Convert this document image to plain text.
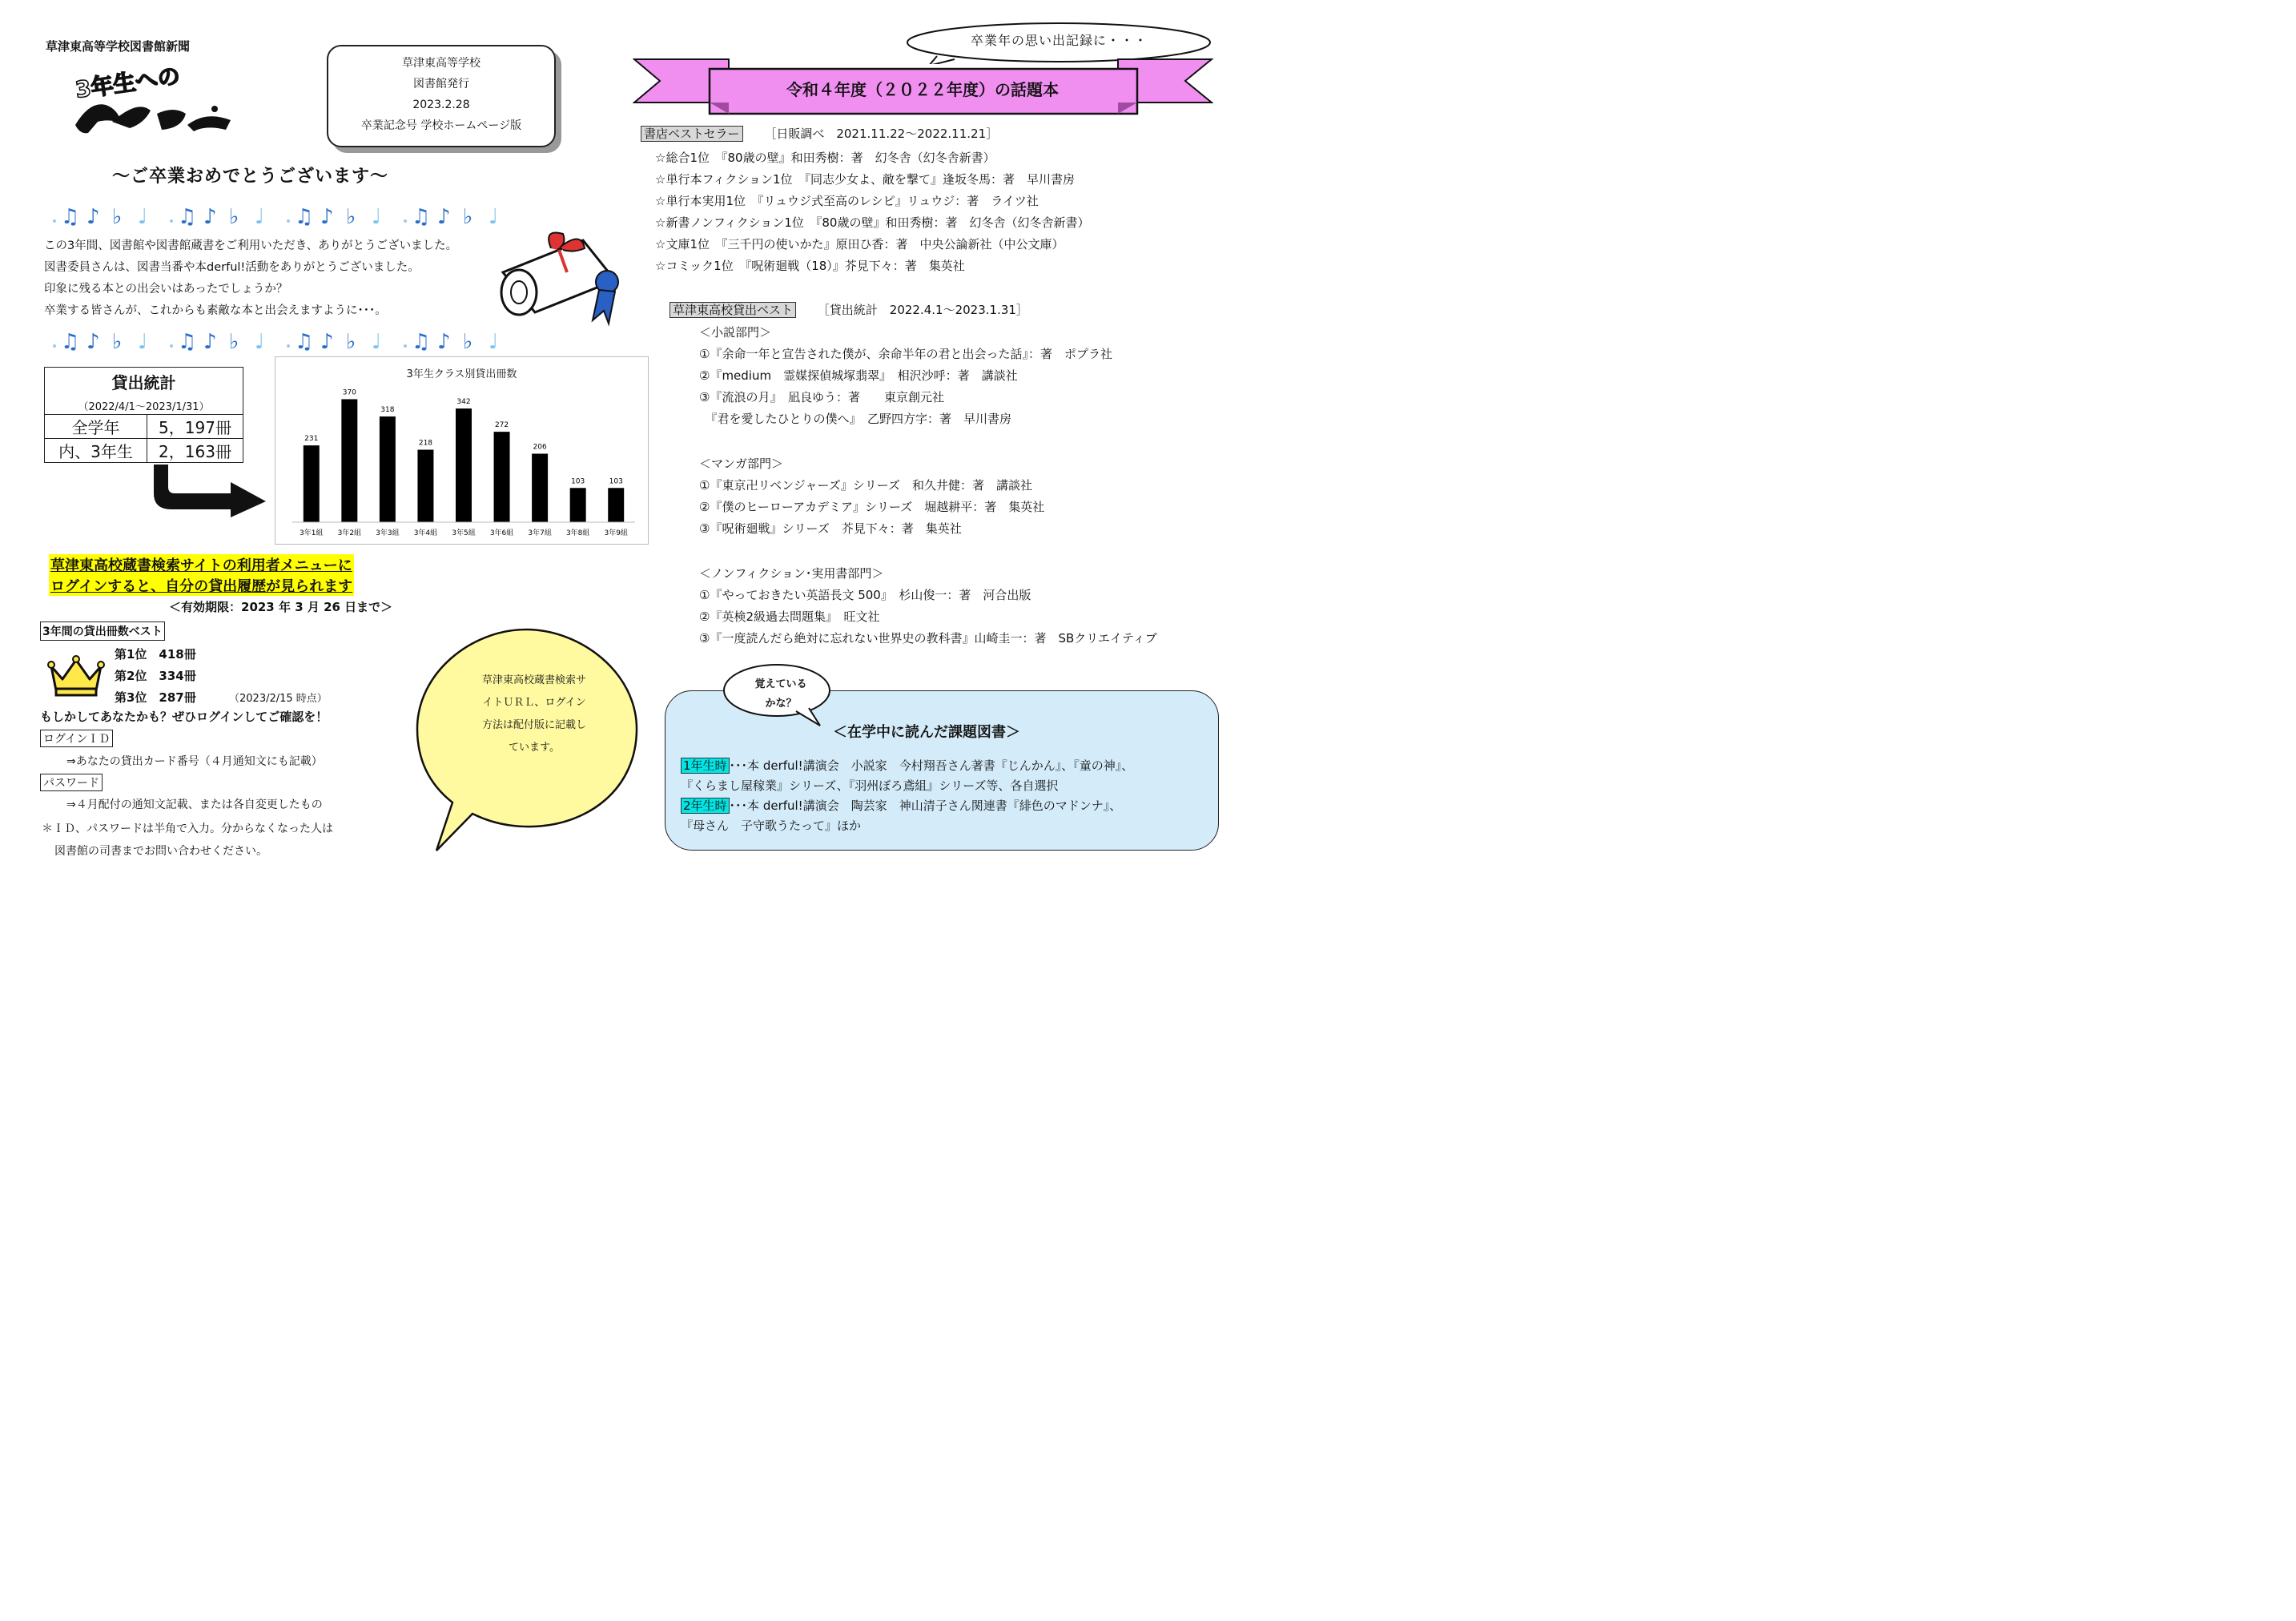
草津東高等学校図書館新聞
3年生への	草津東高等学校
図書館発行
2023.2.28
卒業記念号 学校ホームページ版
～ご卒業おめでとうございます～
♫ ♪ ♭ ♩ ♫ ♪ ♭ ♩ ♫ ♪ ♭ ♩ ♫ ♪ ♭ ♩
♫ ♪ ♭ ♩ ♫ ♪ ♭ ♩ ♫ ♪ ♭ ♩ ♫ ♪ ♭ ♩
この3年間、図書館や図書館蔵書をご利用いただき、ありがとうございました。
図書委員さんは、図書当番や本derful!活動をありがとうございました。
印象に残る本との出会いはあったでしょうか？
卒業する皆さんが、これからも素敵な本と出会えますように･･･。
貸出統計
（2022/4/1～2023/1/31）
全学年	5，197冊
内、3年生	2，163冊
3年生クラス別貸出冊数
231
3年1組
370
3年2組
318
3年3組
218
3年4組
342
3年5組
272
3年6組
206
3年7組
103
3年8組
103
3年9組
草津東高校蔵書検索サイトの利用者メニューに
ログインすると、自分の貸出履歴が見られます
＜有効期限：2023 年 3 月 26 日まで＞
3年間の貸出冊数ベスト
第1位　418冊
第2位　334冊
第3位　287冊	（2023/2/15 時点）
もしかしてあなたかも？ぜひログインしてご確認を！
ログインＩＤ
⇒あなたの貸出カード番号（４月通知文にも記載）
パスワード
⇒４月配付の通知文記載、または各自変更したもの
＊ＩＤ、パスワードは半角で入力。分からなくなった人は
図書館の司書までお問い合わせください。
草津東高校蔵書検索サ
イトＵＲＬ、ログイン
方法は配付版に記載し
ています。
卒業年の思い出記録に・・・
令和４年度（２０２２年度）の話題本
書店ベストセラー ［日販調べ　2021.11.22～2022.11.21］
☆総合1位　『80歳の壁』和田秀樹：著　幻冬舎（幻冬舎新書）
☆単行本フィクション1位　『同志少女よ、敵を撃て』逢坂冬馬：著　早川書房
☆単行本実用1位　『リュウジ式至高のレシピ』リュウジ：著　ライツ社
☆新書ノンフィクション1位　『80歳の壁』和田秀樹：著　幻冬舎（幻冬舎新書）
☆文庫1位　『三千円の使いかた』原田ひ香：著　中央公論新社（中公文庫）
☆コミック1位　『呪術廻戦（18）』芥見下々：著　集英社
草津東高校貸出ベスト ［貸出統計　2022.4.1～2023.1.31］
＜小説部門＞
①『余命一年と宣告された僕が、余命半年の君と出会った話』：著　ポプラ社
②『medium　霊媒探偵城塚翡翠』　相沢沙呼：著　講談社
③『流浪の月』　凪良ゆう：著　　東京創元社
　『君を愛したひとりの僕へ』　乙野四方字：著　早川書房
＜マンガ部門＞
①『東京卍リベンジャーズ』シリーズ　和久井健：著　講談社
②『僕のヒーローアカデミア』シリーズ　堀越耕平：著　集英社
③『呪術廻戦』シリーズ　芥見下々：著　集英社
＜ノンフィクション･実用書部門＞
①『やっておきたい英語長文 500』　杉山俊一：著　河合出版
②『英検2級過去問題集』　旺文社
③『一度読んだら絶対に忘れない世界史の教科書』山崎圭一：著　SBクリエイティブ
覚えている
かな？
＜在学中に読んだ課題図書＞
1年生時 ･･･本 derful!講演会　小説家　今村翔吾さん著書『じんかん』、『童の神』、
『くらまし屋稼業』シリーズ、『羽州ぼろ鳶組』シリーズ等、各自選択
2年生時 ･･･本 derful!講演会　陶芸家　神山清子さん関連書『緋色のマドンナ』、
『母さん　子守歌うたって』ほか
